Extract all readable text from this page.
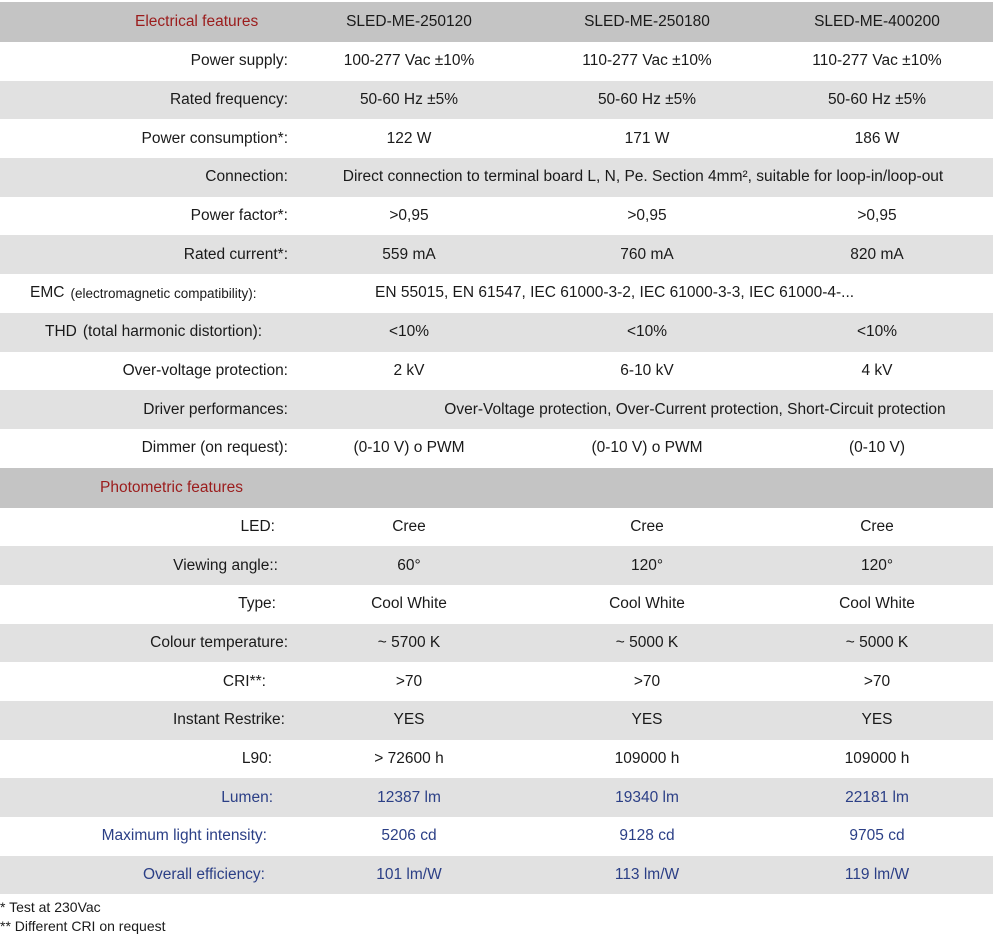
Electrical features	SLED-ME-250120	SLED-ME-250180	SLED-ME-400200
Power supply:	100-277 Vac ±10%	110-277 Vac ±10%	110-277 Vac ±10%
Rated frequency:	50-60 Hz ±5%	50-60 Hz ±5%	50-60 Hz ±5%
Power consumption*:	122 W	171 W	186 W
Connection:	Direct connection to terminal board L, N, Pe. Section 4mm², suitable for loop-in/loop-out
Power factor*:	>0,95	>0,95	>0,95
Rated current*:	559 mA	760 mA	820 mA
EMC (electromagnetic compatibility):	EN 55015, EN 61547, IEC 61000-3-2, IEC 61000-3-3, IEC 61000-4-...
THD (total harmonic distortion):	<10%	<10%	<10%
Over-voltage protection:	2 kV	6-10 kV	4 kV
Driver performances:	Over-Voltage protection, Over-Current protection, Short-Circuit protection
Dimmer (on request):	(0-10 V) o PWM	(0-10 V) o PWM	(0-10 V)
Photometric features
LED:	Cree	Cree	Cree
Viewing angle::	60°	120°	120°
Type:	Cool White	Cool White	Cool White
Colour temperature:	~ 5700 K	~ 5000 K	~ 5000 K
CRI**:	>70	>70	>70
Instant Restrike:	YES	YES	YES
L90:	> 72600 h	109000 h	109000 h
Lumen:	12387 lm	19340 lm	22181 lm
Maximum light intensity:	5206 cd	9128 cd	9705 cd
Overall efficiency:	101 lm/W	113 lm/W	119 lm/W
* Test at 230Vac
** Different CRI on request
